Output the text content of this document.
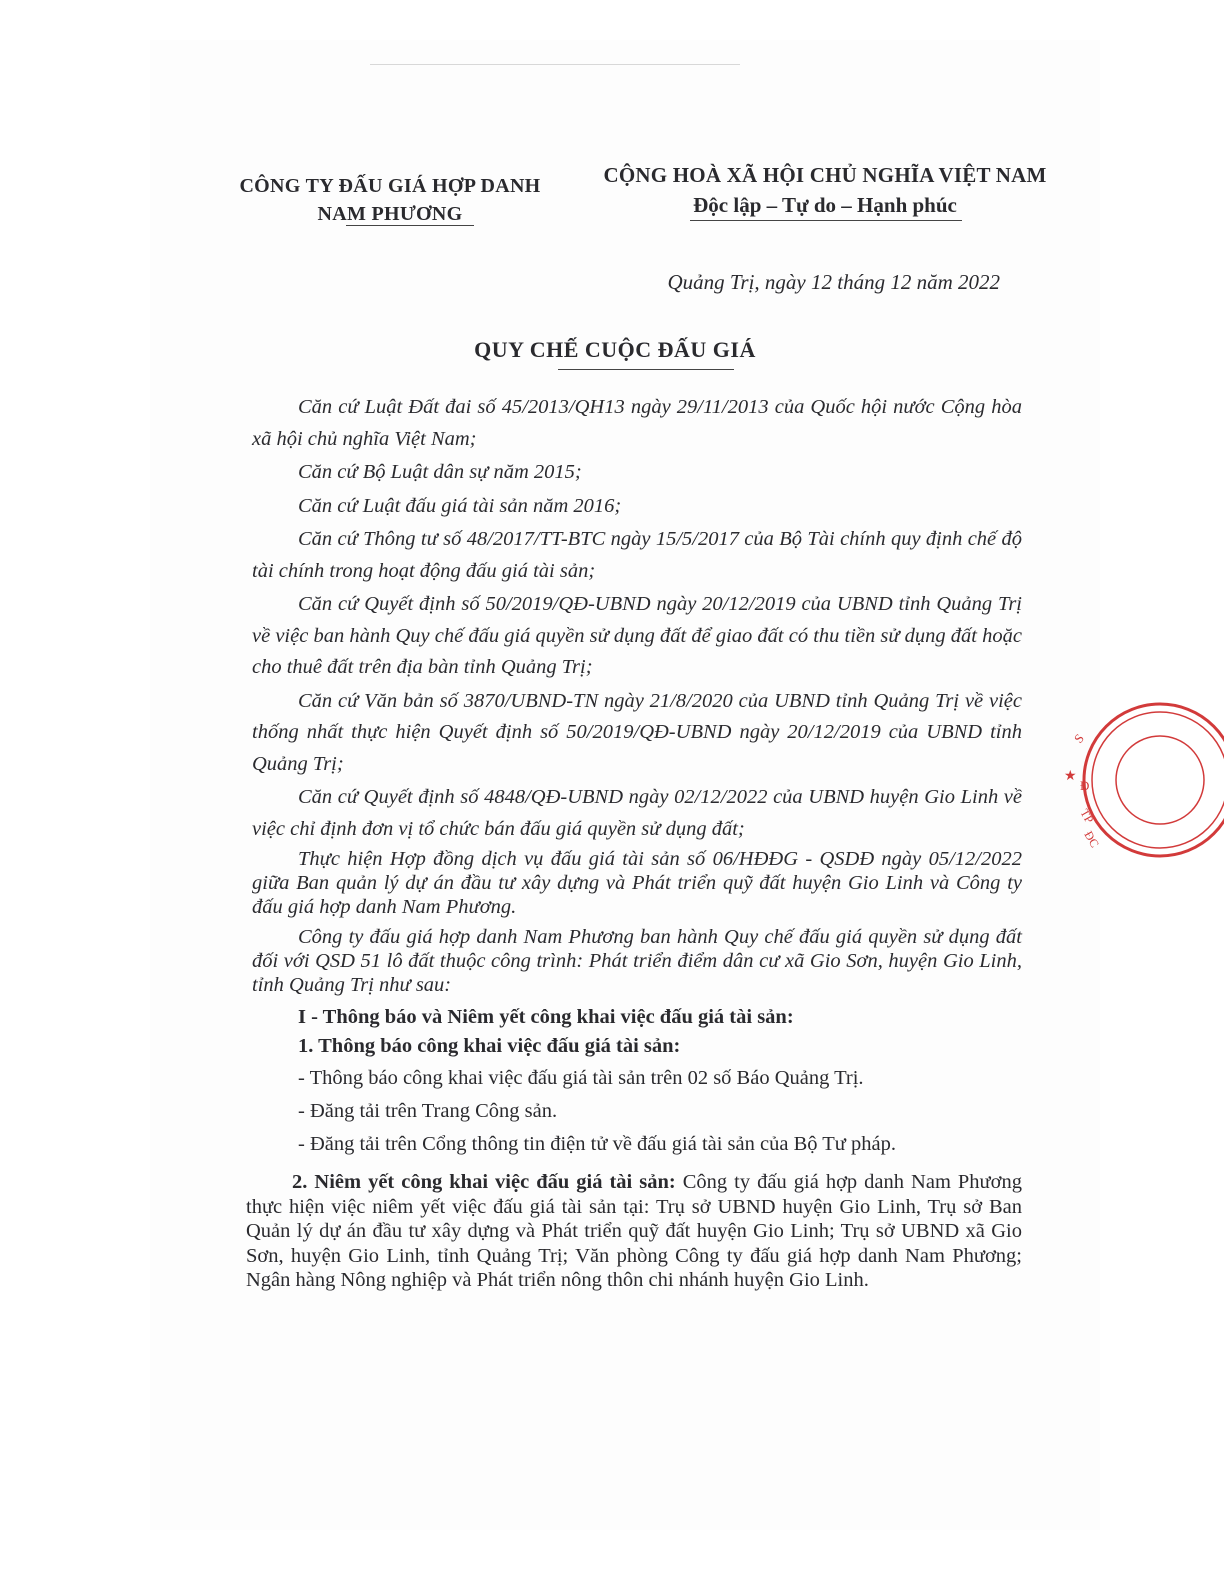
CÔNG TY ĐẤU GIÁ HỢP DANH
NAM PHƯƠNG
CỘNG HOÀ XÃ HỘI CHỦ NGHĨA VIỆT NAM
Độc lập – Tự do – Hạnh phúc
Quảng Trị, ngày 12 tháng 12 năm 2022
QUY CHẾ CUỘC ĐẤU GIÁ

Căn cứ Luật Đất đai số 45/2013/QH13 ngày 29/11/2013 của Quốc hội nước Cộng hòa xã hội chủ nghĩa Việt Nam;

Căn cứ Bộ Luật dân sự năm 2015;

Căn cứ Luật đấu giá tài sản năm 2016;

Căn cứ Thông tư số 48/2017/TT-BTC ngày 15/5/2017 của Bộ Tài chính quy định chế độ tài chính trong hoạt động đấu giá tài sản;

Căn cứ Quyết định số 50/2019/QĐ-UBND ngày 20/12/2019 của UBND tỉnh Quảng Trị về việc ban hành Quy chế đấu giá quyền sử dụng đất để giao đất có thu tiền sử dụng đất hoặc cho thuê đất trên địa bàn tỉnh Quảng Trị;

Căn cứ Văn bản số 3870/UBND-TN ngày 21/8/2020 của UBND tỉnh Quảng Trị về việc thống nhất thực hiện Quyết định số 50/2019/QĐ-UBND ngày 20/12/2019 của UBND tỉnh Quảng Trị;

Căn cứ Quyết định số 4848/QĐ-UBND ngày 02/12/2022 của UBND huyện Gio Linh về việc chỉ định đơn vị tổ chức bán đấu giá quyền sử dụng đất;

Thực hiện Hợp đồng dịch vụ đấu giá tài sản số 06/HĐĐG - QSDĐ ngày 05/12/2022 giữa Ban quản lý dự án đầu tư xây dựng và Phát triển quỹ đất huyện Gio Linh và Công ty đấu giá hợp danh Nam Phương.

Công ty đấu giá hợp danh Nam Phương ban hành Quy chế đấu giá quyền sử dụng đất đối với QSD 51 lô đất thuộc công trình: Phát triển điểm dân cư xã Gio Sơn, huyện Gio Linh, tỉnh Quảng Trị như sau:

I - Thông báo và Niêm yết công khai việc đấu giá tài sản:

1. Thông báo công khai việc đấu giá tài sản:

- Thông báo công khai việc đấu giá tài sản trên 02 số Báo Quảng Trị.

- Đăng tải trên Trang Công sản.

- Đăng tải trên Cổng thông tin điện tử về đấu giá tài sản của Bộ Tư pháp.

2. Niêm yết công khai việc đấu giá tài sản: Công ty đấu giá hợp danh Nam Phương thực hiện việc niêm yết việc đấu giá tài sản tại: Trụ sở UBND huyện Gio Linh, Trụ sở Ban Quản lý dự án đầu tư xây dựng và Phát triển quỹ đất huyện Gio Linh; Trụ sở UBND xã Gio Sơn, huyện Gio Linh, tỉnh Quảng Trị; Văn phòng Công ty đấu giá hợp danh Nam Phương; Ngân hàng Nông nghiệp và Phát triển nông thôn chi nhánh huyện Gio Linh.

S
Đ
★
TP
ĐC
